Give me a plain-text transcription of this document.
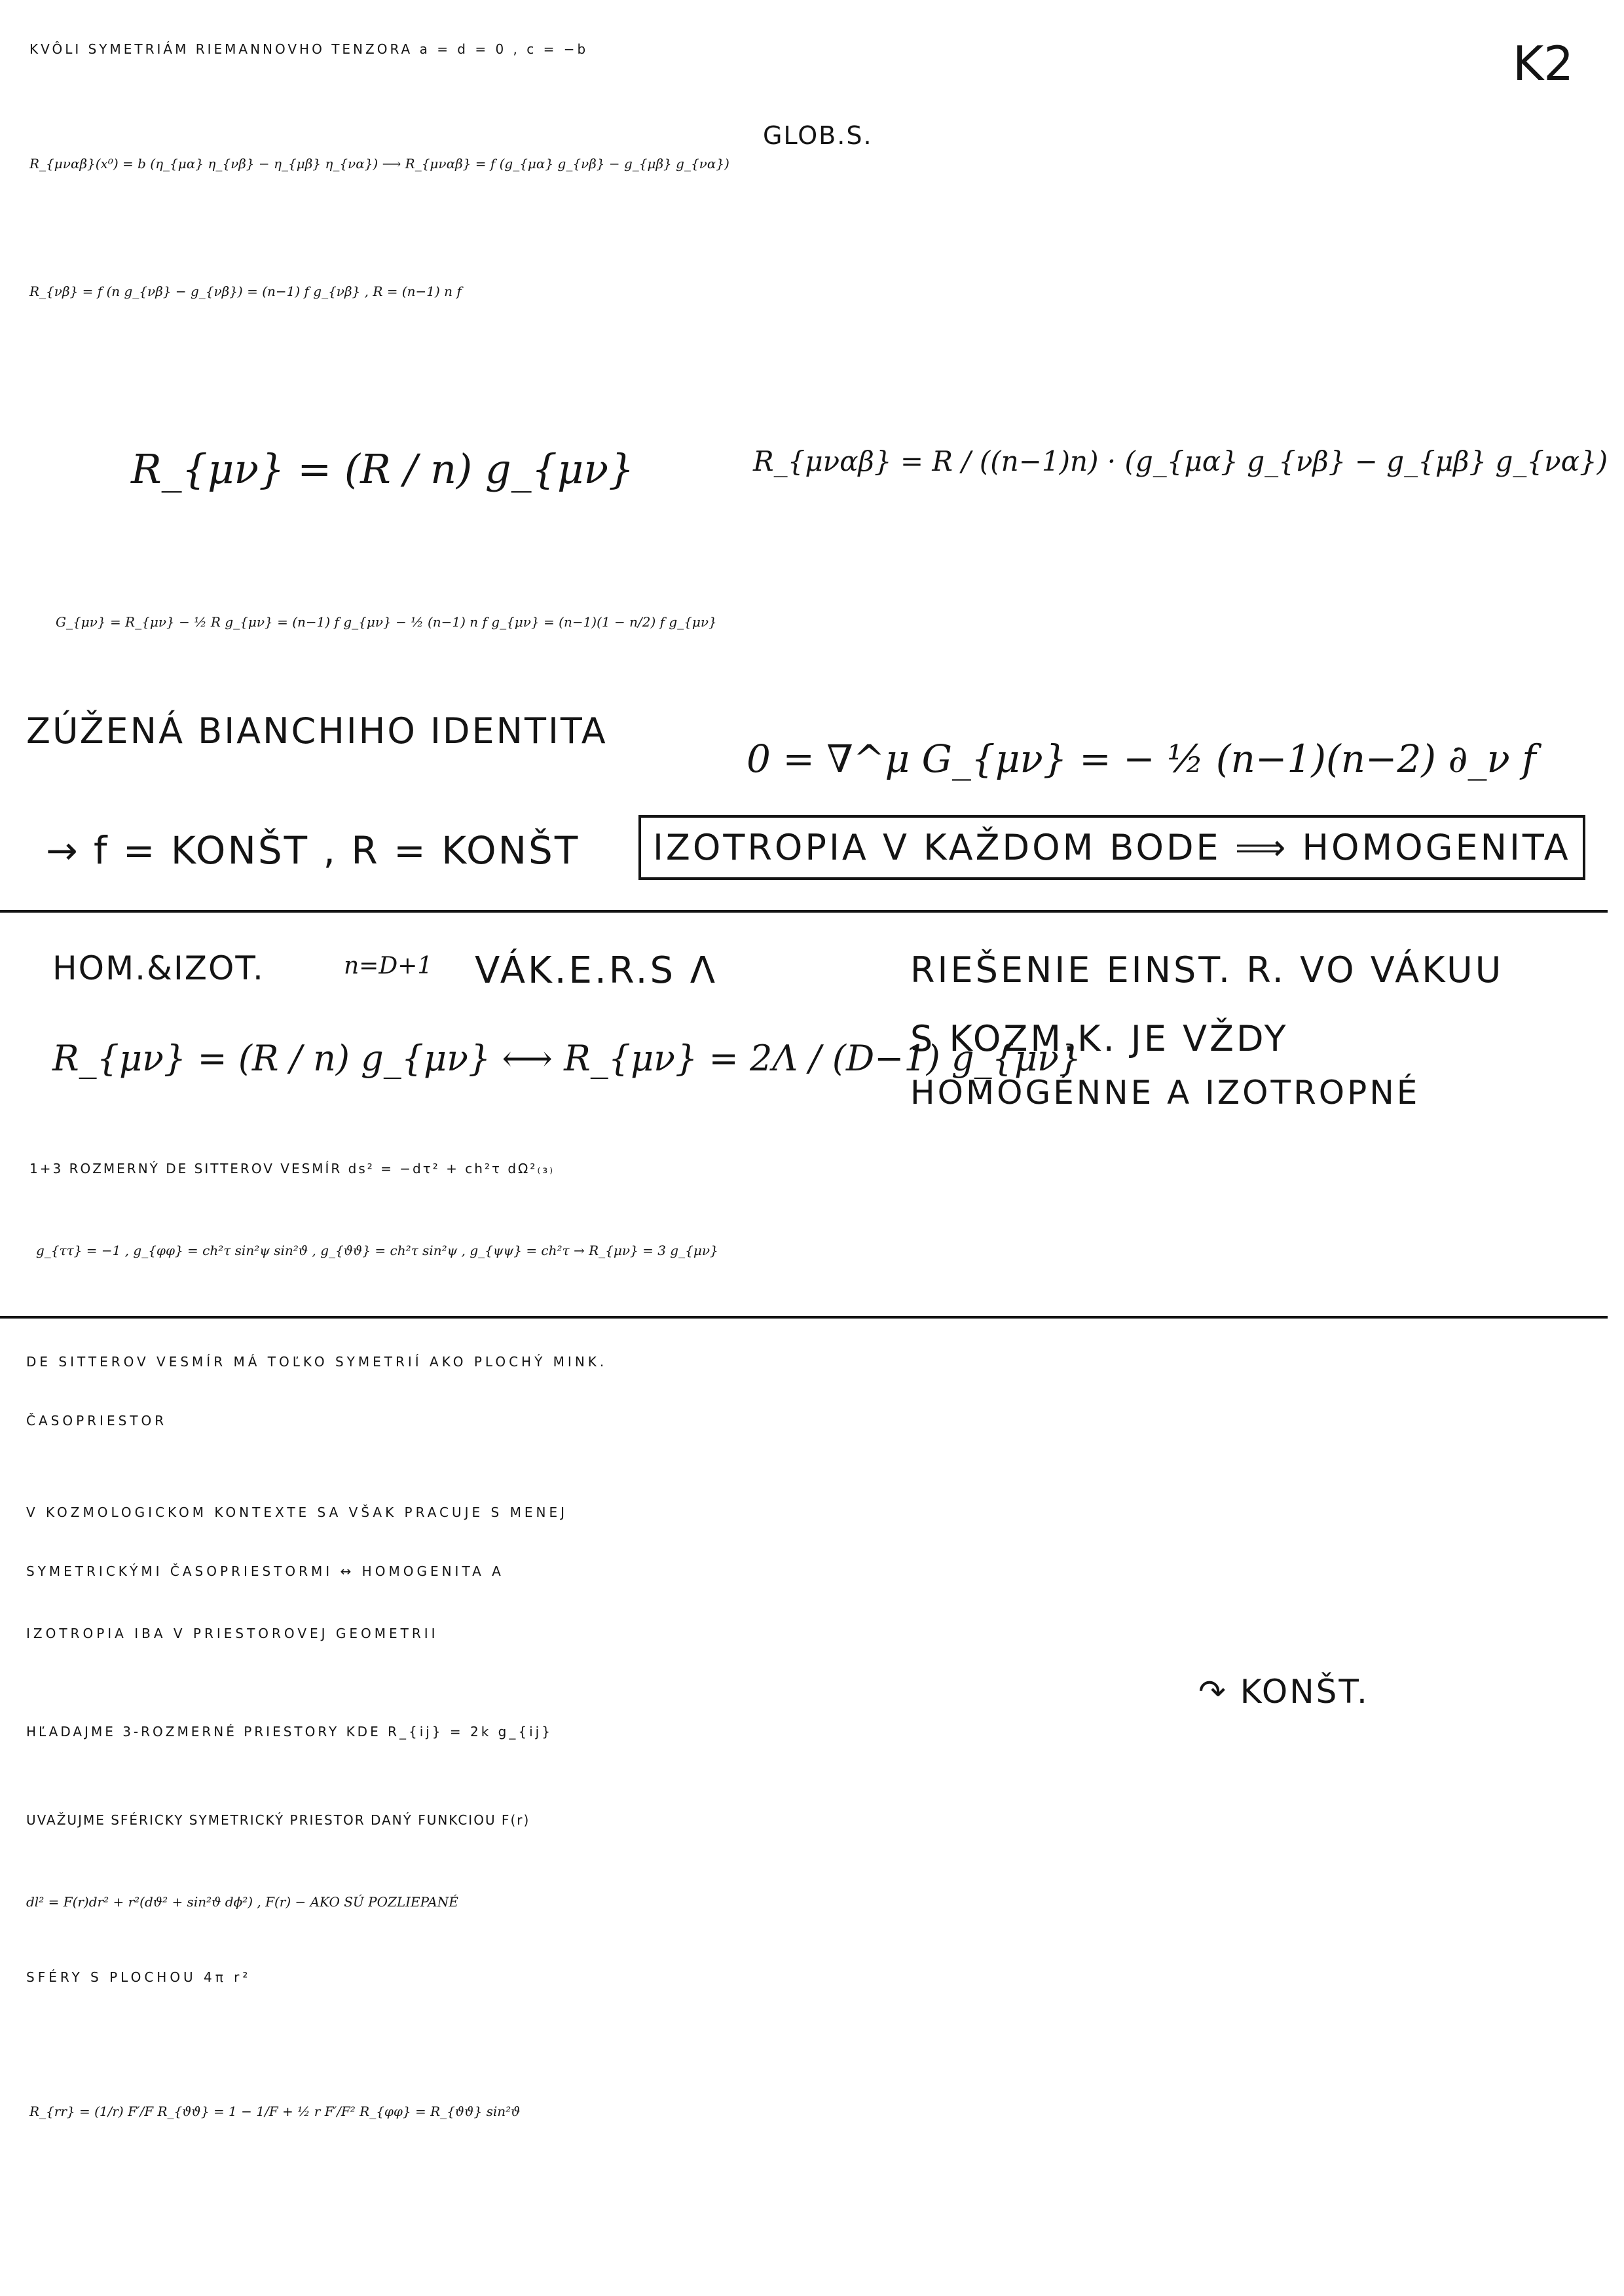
K2
KVÔLI SYMETRIÁM RIEMANNOVHO TENZORA a = d = 0 , c = −b
GLOB.S.
R_{μναβ}(x⁰) = b (η_{μα} η_{νβ} − η_{μβ} η_{να}) ⟶ R_{μναβ} = f (g_{μα} g_{νβ} − g_{μβ} g_{να})
R_{νβ} = f (n g_{νβ} − g_{νβ}) = (n−1) f g_{νβ} , R = (n−1) n f
R_{μν} = (R / n) g_{μν}	R_{μναβ} = R / ((n−1)n) · (g_{μα} g_{νβ} − g_{μβ} g_{να})
G_{μν} = R_{μν} − ½ R g_{μν} = (n−1) f g_{μν} − ½ (n−1) n f g_{μν} = (n−1)(1 − n/2) f g_{μν}
ZÚŽENÁ BIANCHIHO IDENTITA
0 = ∇^μ G_{μν} = − ½ (n−1)(n−2) ∂_ν f
→ f = KONŠT , R = KONŠT	IZOTROPIA V KAŽDOM BODE ⟹ HOMOGENITA
HOM.&IZOT.	n=D+1 VÁK.E.R.S Λ
R_{μν} = (R / n) g_{μν} ⟷ R_{μν} = 2Λ / (D−1) g_{μν}
RIEŠENIE EINST. R. VO VÁKUU
S KOZM.K. JE VŽDY
HOMOGÉNNE A IZOTROPNÉ
1+3 ROZMERNÝ DE SITTEROV VESMÍR ds² = −dτ² + ch²τ dΩ²₍₃₎
g_{ττ} = −1 , g_{φφ} = ch²τ sin²ψ sin²ϑ , g_{ϑϑ} = ch²τ sin²ψ , g_{ψψ} = ch²τ → R_{μν} = 3 g_{μν}
DE SITTEROV VESMÍR MÁ TOĽKO SYMETRIÍ AKO PLOCHÝ MINK.
ČASOPRIESTOR
V KOZMOLOGICKOM KONTEXTE SA VŠAK PRACUJE S MENEJ
SYMETRICKÝMI ČASOPRIESTORMI ↔ HOMOGENITA A
IZOTROPIA IBA V PRIESTOROVEJ GEOMETRII
↷ KONŠT.
HĽADAJME 3-ROZMERNÉ PRIESTORY KDE R_{ij} = 2k g_{ij}
UVAŽUJME SFÉRICKY SYMETRICKÝ PRIESTOR DANÝ FUNKCIOU F(r)
dl² = F(r)dr² + r²(dϑ² + sin²ϑ dϕ²) , F(r) − AKO SÚ POZLIEPANÉ
SFÉRY S PLOCHOU 4π r²
R_{rr} = (1/r) F′/F R_{ϑϑ} = 1 − 1/F + ½ r F′/F² R_{φφ} = R_{ϑϑ} sin²ϑ
